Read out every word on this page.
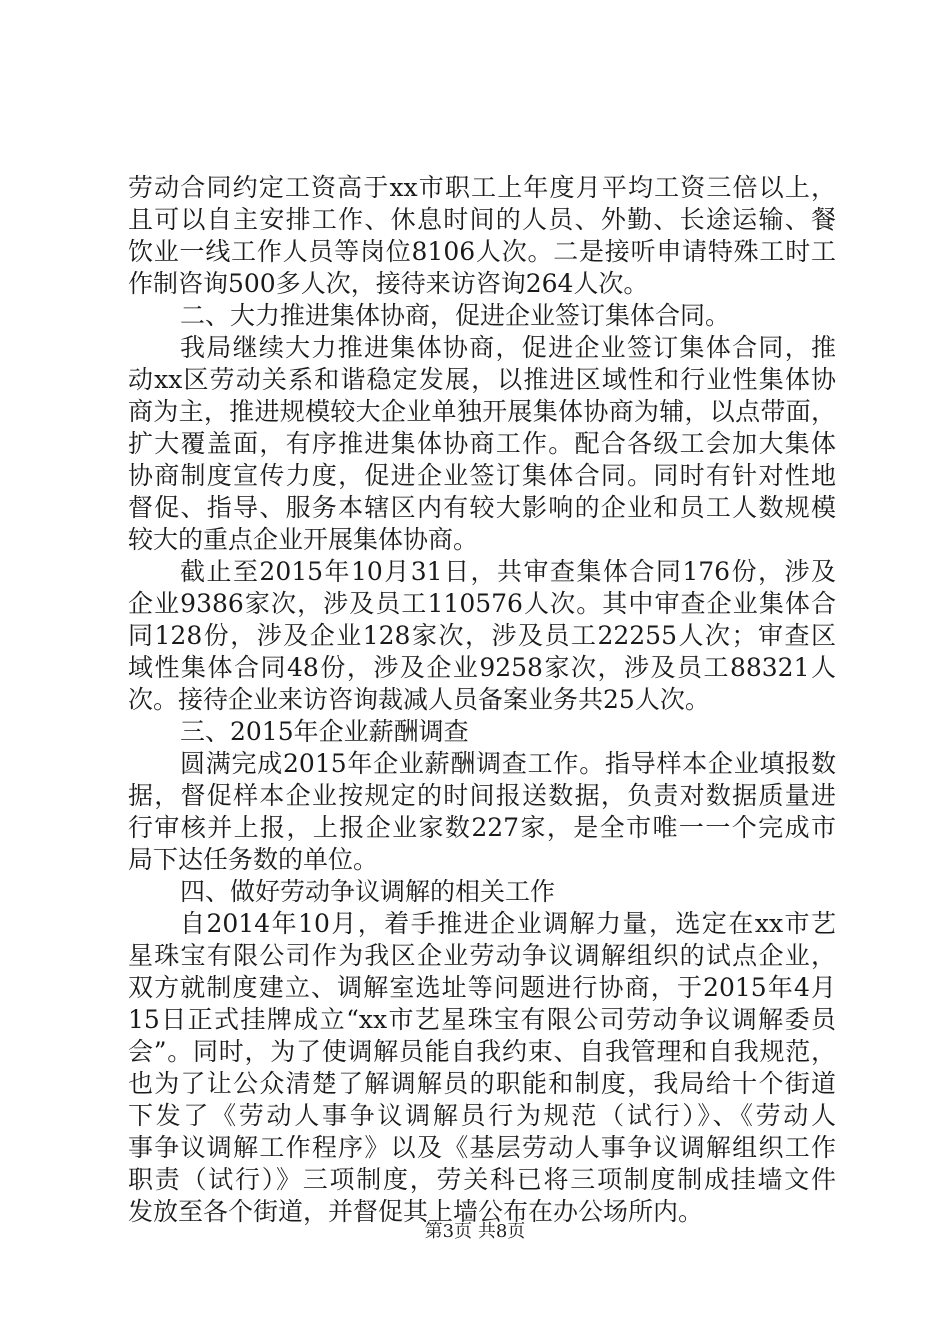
劳动合同约定工资高于xx市职工上年度月平均工资三倍以上，
且可以自主安排工作、休息时间的人员、外勤、长途运输、餐
饮业一线工作人员等岗位8106人次。二是接听申请特殊工时工
作制咨询500多人次，接待来访咨询264人次。
二、大力推进集体协商，促进企业签订集体合同。
我局继续大力推进集体协商，促进企业签订集体合同，推
动xx区劳动关系和谐稳定发展，以推进区域性和行业性集体协
商为主，推进规模较大企业单独开展集体协商为辅，以点带面，
扩大覆盖面，有序推进集体协商工作。配合各级工会加大集体
协商制度宣传力度，促进企业签订集体合同。同时有针对性地
督促、指导、服务本辖区内有较大影响的企业和员工人数规模
较大的重点企业开展集体协商。
截止至2015年10月31日，共审查集体合同176份，涉及
企业9386家次，涉及员工110576人次。其中审查企业集体合
同128份，涉及企业128家次，涉及员工22255人次；审查区
域性集体合同48份，涉及企业9258家次，涉及员工88321人
次。接待企业来访咨询裁减人员备案业务共25人次。
三、2015年企业薪酬调查
圆满完成2015年企业薪酬调查工作。指导样本企业填报数
据，督促样本企业按规定的时间报送数据，负责对数据质量进
行审核并上报，上报企业家数227家，是全市唯一一个完成市
局下达任务数的单位。
四、做好劳动争议调解的相关工作
自2014年10月，着手推进企业调解力量，选定在xx市艺
星珠宝有限公司作为我区企业劳动争议调解组织的试点企业，
双方就制度建立、调解室选址等问题进行协商，于2015年4月
15日正式挂牌成立“xx市艺星珠宝有限公司劳动争议调解委员
会”。同时，为了使调解员能自我约束、自我管理和自我规范，
也为了让公众清楚了解调解员的职能和制度，我局给十个街道
下发了《劳动人事争议调解员行为规范（试行）》、《劳动人
事争议调解工作程序》以及《基层劳动人事争议调解组织工作
职责（试行）》三项制度，劳关科已将三项制度制成挂墙文件
发放至各个街道，并督促其上墙公布在办公场所内。
第3页 共8页
